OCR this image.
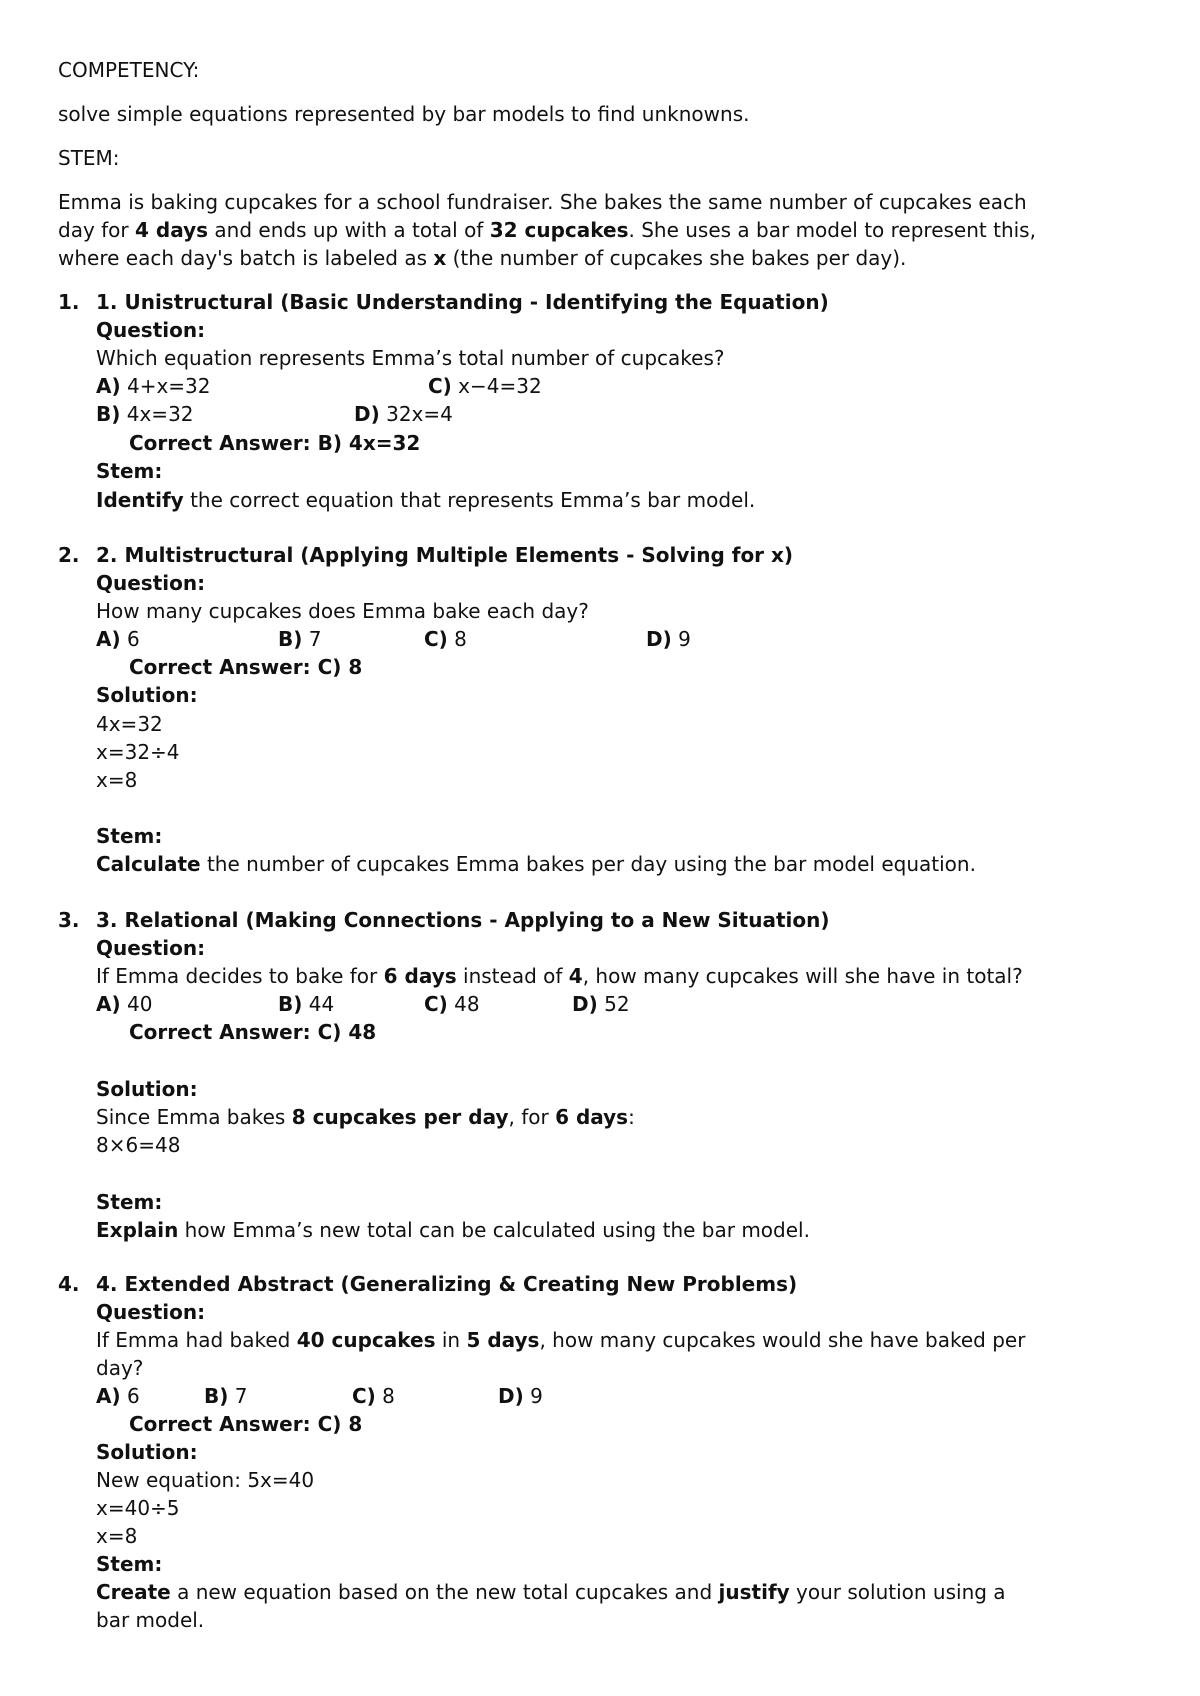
COMPETENCY:
solve simple equations represented by bar models to find unknowns.
STEM:
Emma is baking cupcakes for a school fundraiser. She bakes the same number of cupcakes each
day for 4 days and ends up with a total of 32 cupcakes. She uses a bar model to represent this,
where each day's batch is labeled as x (the number of cupcakes she bakes per day).
1. 1. Unistructural (Basic Understanding - Identifying the Equation)
Question:
Which equation represents Emma’s total number of cupcakes?
A) 4+x=32	C) x−4=32
B) 4x=32	D) 32x=4
Correct Answer: B) 4x=32
Stem:
Identify the correct equation that represents Emma’s bar model.
2. 2. Multistructural (Applying Multiple Elements - Solving for x)
Question:
How many cupcakes does Emma bake each day?
A) 6	B) 7	C) 8	D) 9
Correct Answer: C) 8
Solution:
4x=32
x=32÷4
x=8
Stem:
Calculate the number of cupcakes Emma bakes per day using the bar model equation.
3. 3. Relational (Making Connections - Applying to a New Situation)
Question:
If Emma decides to bake for 6 days instead of 4, how many cupcakes will she have in total?
A) 40	B) 44	C) 48	D) 52
Correct Answer: C) 48
Solution:
Since Emma bakes 8 cupcakes per day, for 6 days:
8×6=48
Stem:
Explain how Emma’s new total can be calculated using the bar model.
4. 4. Extended Abstract (Generalizing & Creating New Problems)
Question:
If Emma had baked 40 cupcakes in 5 days, how many cupcakes would she have baked per
day?
A) 6	B) 7	C) 8	D) 9
Correct Answer: C) 8
Solution:
New equation: 5x=40
x=40÷5
x=8
Stem:
Create a new equation based on the new total cupcakes and justify your solution using a
bar model.
